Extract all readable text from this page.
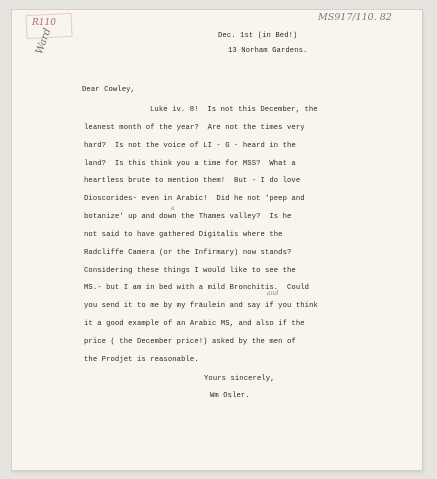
R110
Ward
MS917/110. 82
Dec. 1st (in Bed!)
13 Norham Gardens.
Dear Cowley,
Luke iv. 8!  Is not this December, the
leanest month of the year?  Are not the times very
hard?  Is not the voice of LI - G - heard in the
land?  Is this think you a time for MSS?  What a
heartless brute to mention them!  But - I do love
Dioscorides- even in Arabic!  Did he not 'peep and
a
botanize' up and down the Thames valley?  Is he
not said to have gathered Digitalis where the
Radcliffe Camera (or the Infirmary) now stands?
Considering these things I would like to see the
MS.- but I am in bed with a mild Bronchitis.  Could
and
you send it to me by my fräulein and say if you think
it a good example of an Arabic MS, and also if the
price ( the December price!) asked by the men of
the Prodjet is reasonable.
Yours sincerely,
Wm Osler.
